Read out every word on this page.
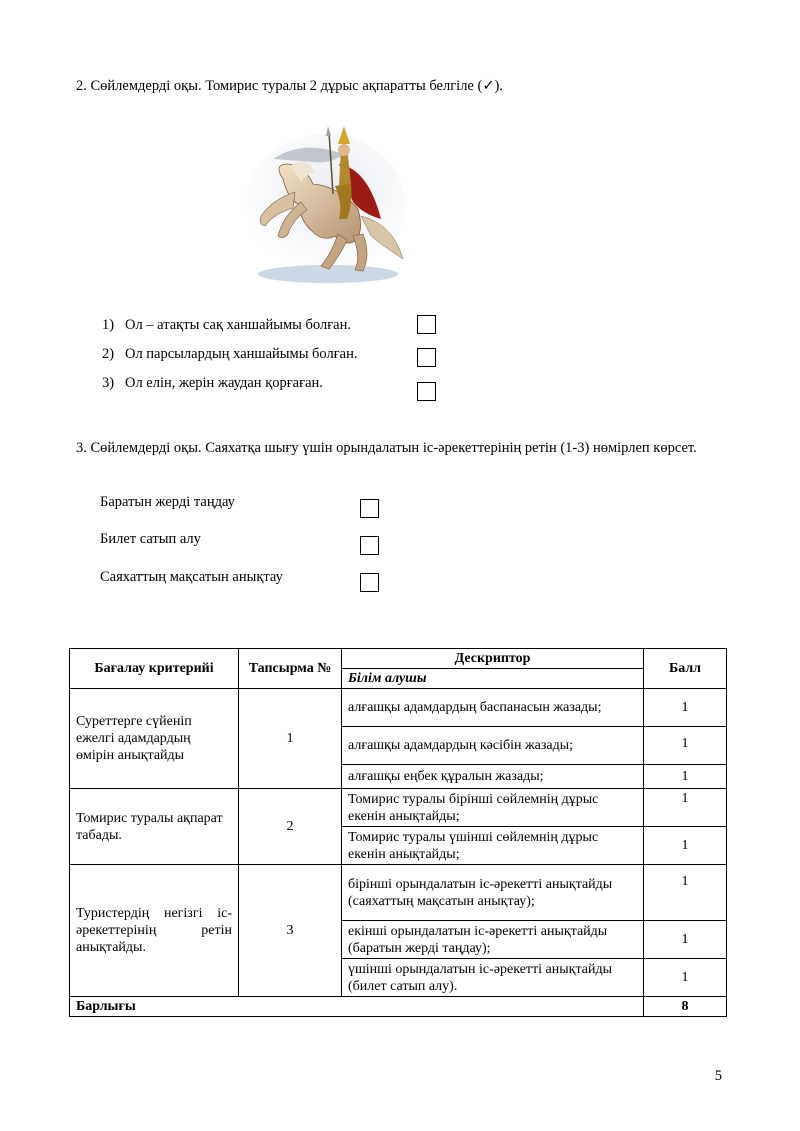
2. Сөйлемдерді оқы. Томирис туралы 2 дұрыс ақпаратты белгіле (✓).
1) Ол – атақты сақ ханшайымы болған.
2) Ол парсылардың ханшайымы болған.
3) Ол елін, жерін жаудан қорғаған.
3. Сөйлемдерді оқы. Саяхатқа шығу үшін орындалатын іс-әрекеттерінің ретін (1-3) нөмірлеп көрсет.
Баратын жерді таңдау
Билет сатып алу
Саяхаттың мақсатын анықтау
Бағалау критерийі	Тапсырма №	Дескриптор	Балл
		Білім алушы	
Суреттерге сүйеніп ежелгі адамдардың өмірін анықтайды	1	алғашқы адамдардың баспанасын жазады;	1
		алғашқы адамдардың кәсібін жазады;	1
		алғашқы еңбек құралын жазады;	1
Томирис туралы ақпарат табады.	2	Томирис туралы бірінші сөйлемнің дұрыс екенін анықтайды;	1
		Томирис туралы үшінші сөйлемнің дұрыс екенін анықтайды;	1
Туристердің негізгі іс-әрекеттерінің ретін анықтайды.	3	бірінші орындалатын іс-әрекетті анықтайды (саяхаттың мақсатын анықтау);	1
		екінші орындалатын іс-әрекетті анықтайды (баратын жерді таңдау);	1
		үшінші орындалатын іс-әрекетті анықтайды (билет сатып алу).	1
Барлығы			8
5
